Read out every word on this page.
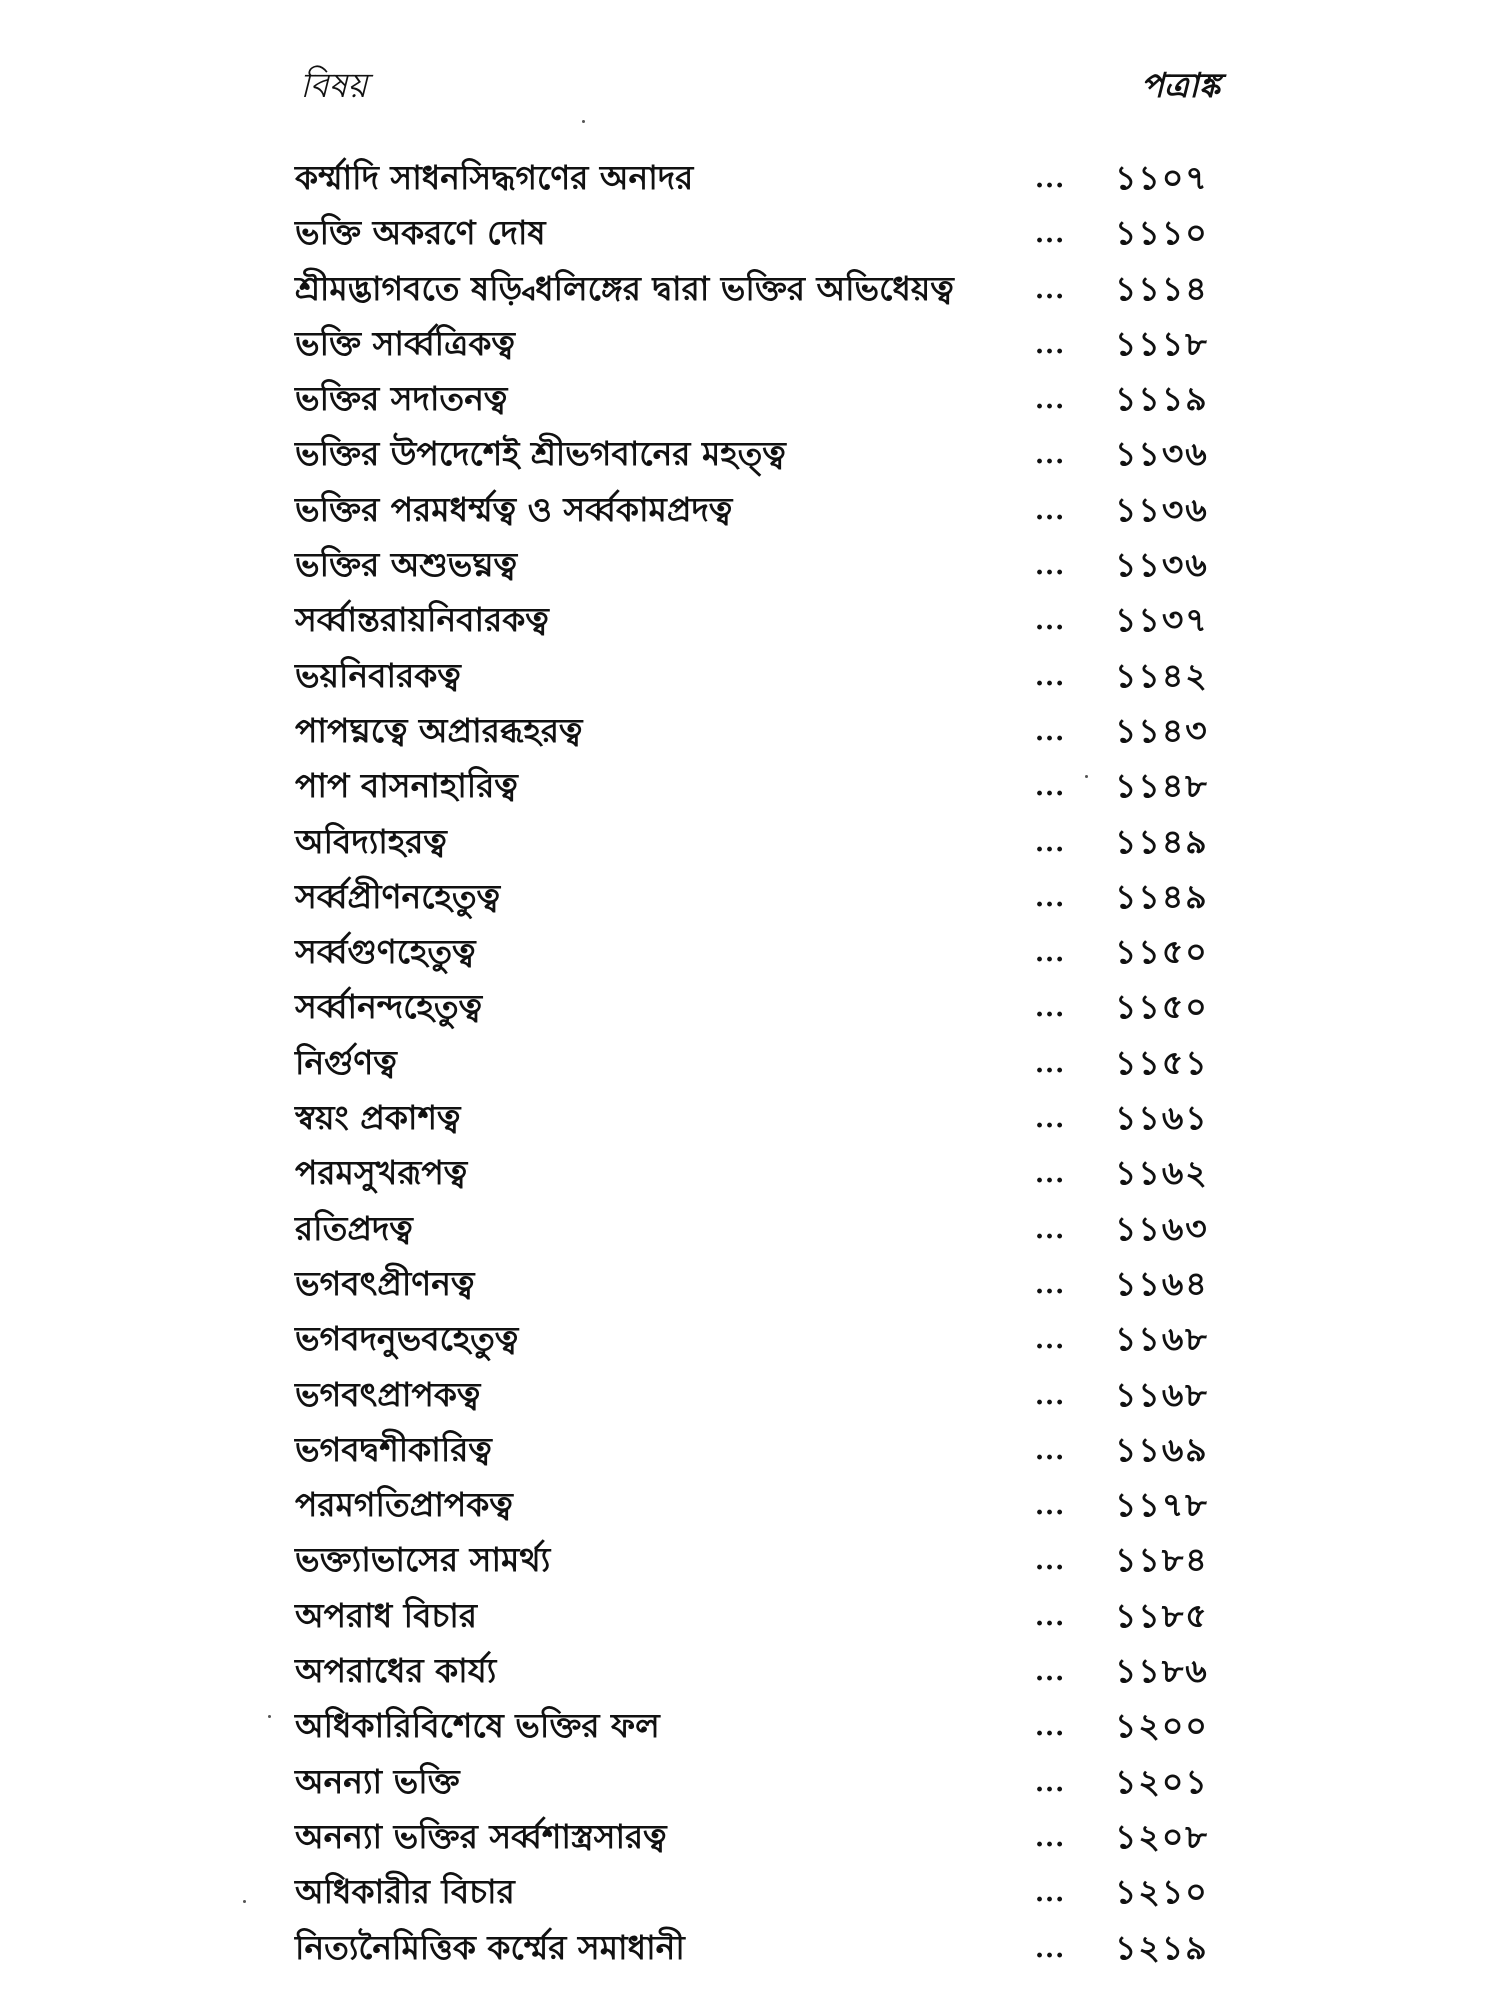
বিষয়	পত্রাঙ্ক
কর্ম্মাদি সাধনসিদ্ধগণের অনাদর	... ১১০৭
ভক্তি অকরণে দোষ	... ১১১০
শ্রীমদ্ভাগবতে ষড়্বিধলিঙ্গের দ্বারা ভক্তির অভিধেয়ত্ব	... ১১১৪
ভক্তি সার্ব্বত্রিকত্ব	... ১১১৮
ভক্তির সদাতনত্ব	... ১১১৯
ভক্তির উপদেশেই শ্রীভগবানের মহত্ত্ব	... ১১৩৬
ভক্তির পরমধর্ম্মত্ব ও সর্ব্বকামপ্রদত্ব	... ১১৩৬
ভক্তির অশুভঘ্নত্ব	... ১১৩৬
সর্ব্বান্তরায়নিবারকত্ব	... ১১৩৭
ভয়নিবারকত্ব	... ১১৪২
পাপঘ্নত্বে অপ্রারব্ধহরত্ব	... ১১৪৩
পাপ বাসনাহারিত্ব	... ১১৪৮
অবিদ্যাহরত্ব	... ১১৪৯
সর্ব্বপ্রীণনহেতুত্ব	... ১১৪৯
সর্ব্বগুণহেতুত্ব	... ১১৫০
সর্ব্বানন্দহেতুত্ব	... ১১৫০
নির্গুণত্ব	... ১১৫১
স্বয়ং প্রকাশত্ব	... ১১৬১
পরমসুখরূপত্ব	... ১১৬২
রতিপ্রদত্ব	... ১১৬৩
ভগবৎপ্রীণনত্ব	... ১১৬৪
ভগবদনুভবহেতুত্ব	... ১১৬৮
ভগবৎপ্রাপকত্ব	... ১১৬৮
ভগবদ্বশীকারিত্ব	... ১১৬৯
পরমগতিপ্রাপকত্ব	... ১১৭৮
ভক্ত্যাভাসের সামর্থ্য	... ১১৮৪
অপরাধ বিচার	... ১১৮৫
অপরাধের কার্য্য	... ১১৮৬
অধিকারিবিশেষে ভক্তির ফল	... ১২০০
অনন্যা ভক্তি	... ১২০১
অনন্যা ভক্তির সর্ব্বশাস্ত্রসারত্ব	... ১২০৮
অধিকারীর বিচার	... ১২১০
নিত্যনৈমিত্তিক কর্ম্মের সমাধানী	... ১২১৯
